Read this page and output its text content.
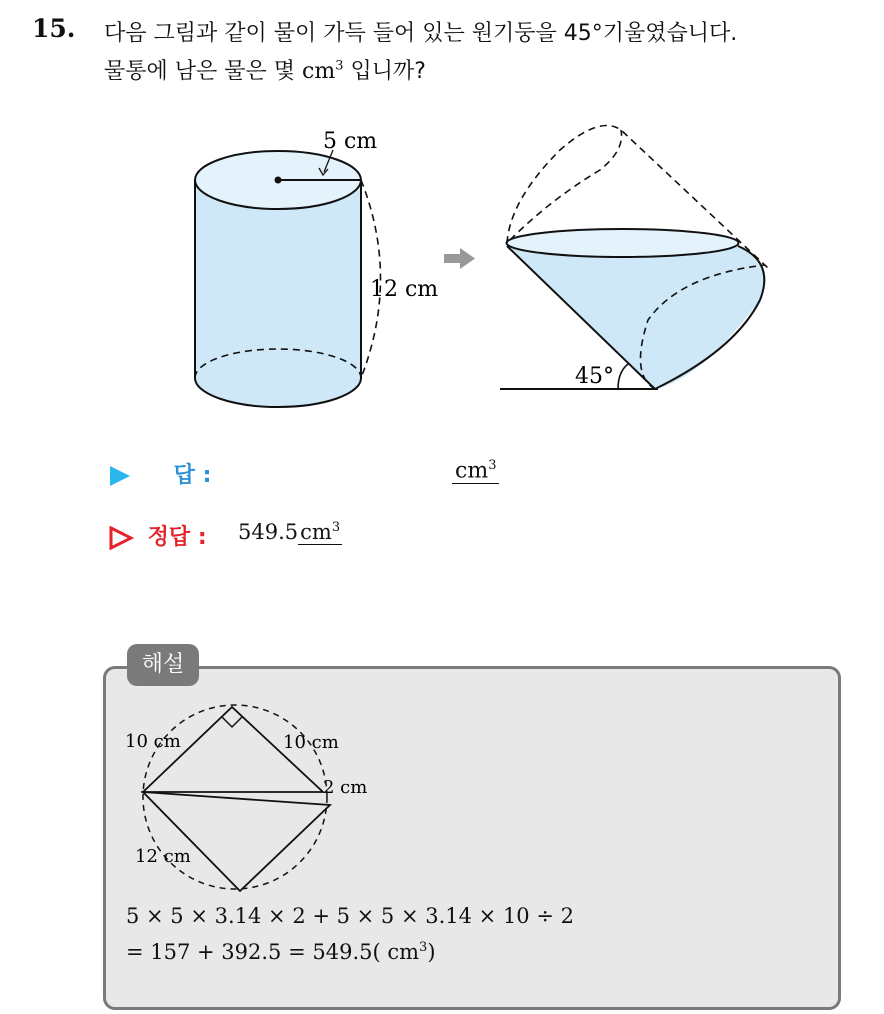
15. 다음 그림과 같이 물이 가득 들어 있는 원기둥을 45°기울였습니다.
물통에 남은 물은 몇 $cm^3$ 입니까?
5 cm
12 cm
45°
답 :	$cm^3$
정답 : $549.5cm^3$
해설
10 cm	10 cm
2 cm
12 cm
5 × 5 × 3.14 × 2 + 5 × 5 × 3.14 × 10 ÷ 2
= 157 + 392.5 = 549.5( $cm^3$)
